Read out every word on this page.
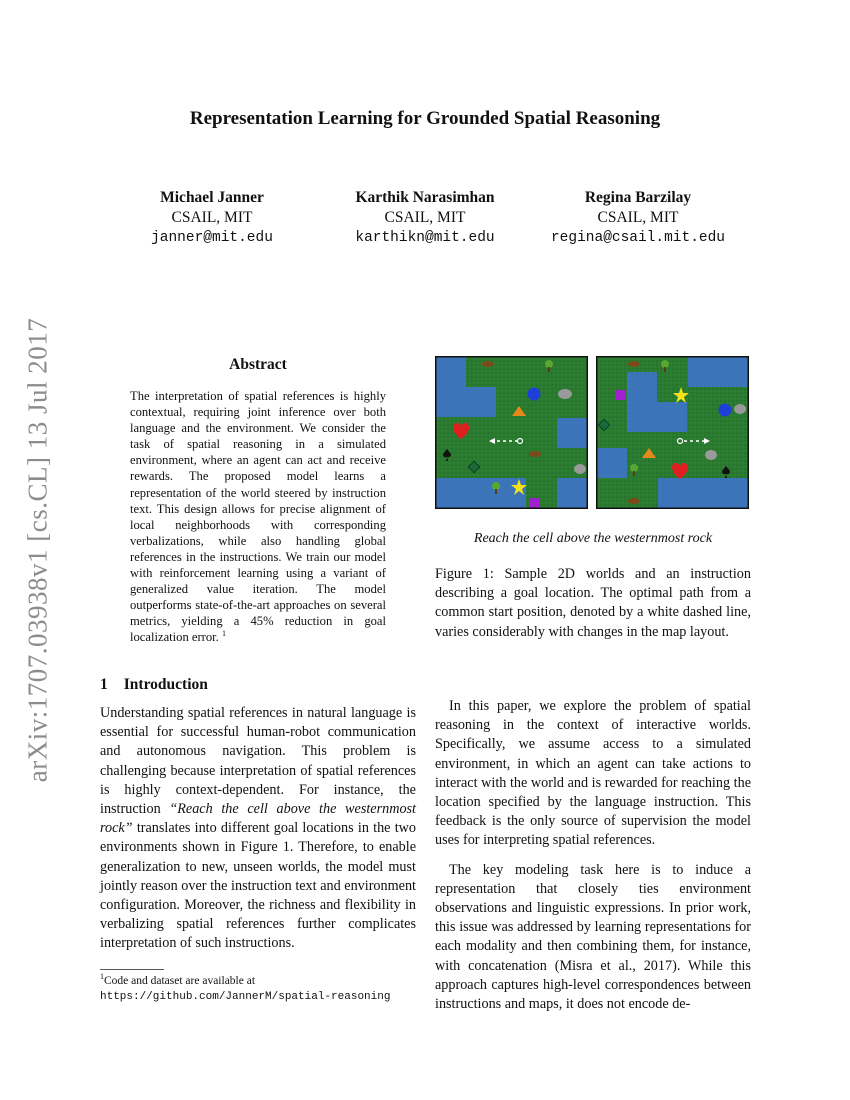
arXiv:1707.03938v1 [cs.CL] 13 Jul 2017
Representation Learning for Grounded Spatial Reasoning
Michael Janner
CSAIL, MIT
janner@mit.edu
Karthik Narasimhan
CSAIL, MIT
karthikn@mit.edu
Regina Barzilay
CSAIL, MIT
regina@csail.mit.edu
Abstract
The interpretation of spatial references is highly contextual, requiring joint inference over both language and the environment. We consider the task of spatial reasoning in a simulated environment, where an agent can act and receive rewards. The proposed model learns a representation of the world steered by instruction text. This design allows for precise alignment of local neighborhoods with corresponding verbalizations, while also handling global references in the instructions. We train our model with reinforcement learning using a variant of generalized value iteration. The model outperforms state-of-the-art approaches on several metrics, yielding a 45% reduction in goal localization error. $^1$
Reach the cell above the westernmost rock
Figure 1: Sample 2D worlds and an instruction describing a goal location. The optimal path from a common start position, denoted by a white dashed line, varies considerably with changes in the map layout.
1 Introduction

Understanding spatial references in natural language is essential for successful human-robot communication and autonomous navigation. This problem is challenging because interpretation of spatial references is highly context-dependent. For instance, the instruction “Reach the cell above the westernmost rock” translates into different goal locations in the two environments shown in Figure 1. Therefore, to enable generalization to new, unseen worlds, the model must jointly reason over the instruction text and environment configuration. Moreover, the richness and flexibility in verbalizing spatial references further complicates interpretation of such instructions.

In this paper, we explore the problem of spatial reasoning in the context of interactive worlds. Specifically, we assume access to a simulated environment, in which an agent can take actions to interact with the world and is rewarded for reaching the location specified by the language instruction. This feedback is the only source of supervision the model uses for interpreting spatial references.

The key modeling task here is to induce a representation that closely ties environment observations and linguistic expressions. In prior work, this issue was addressed by learning representations for each modality and then combining them, for instance, with concatenation (Misra et al., 2017). While this approach captures high-level correspondences between instructions and maps, it does not encode de-

$^1$Code and dataset are available at https://github.com/JannerM/spatial-reasoning
